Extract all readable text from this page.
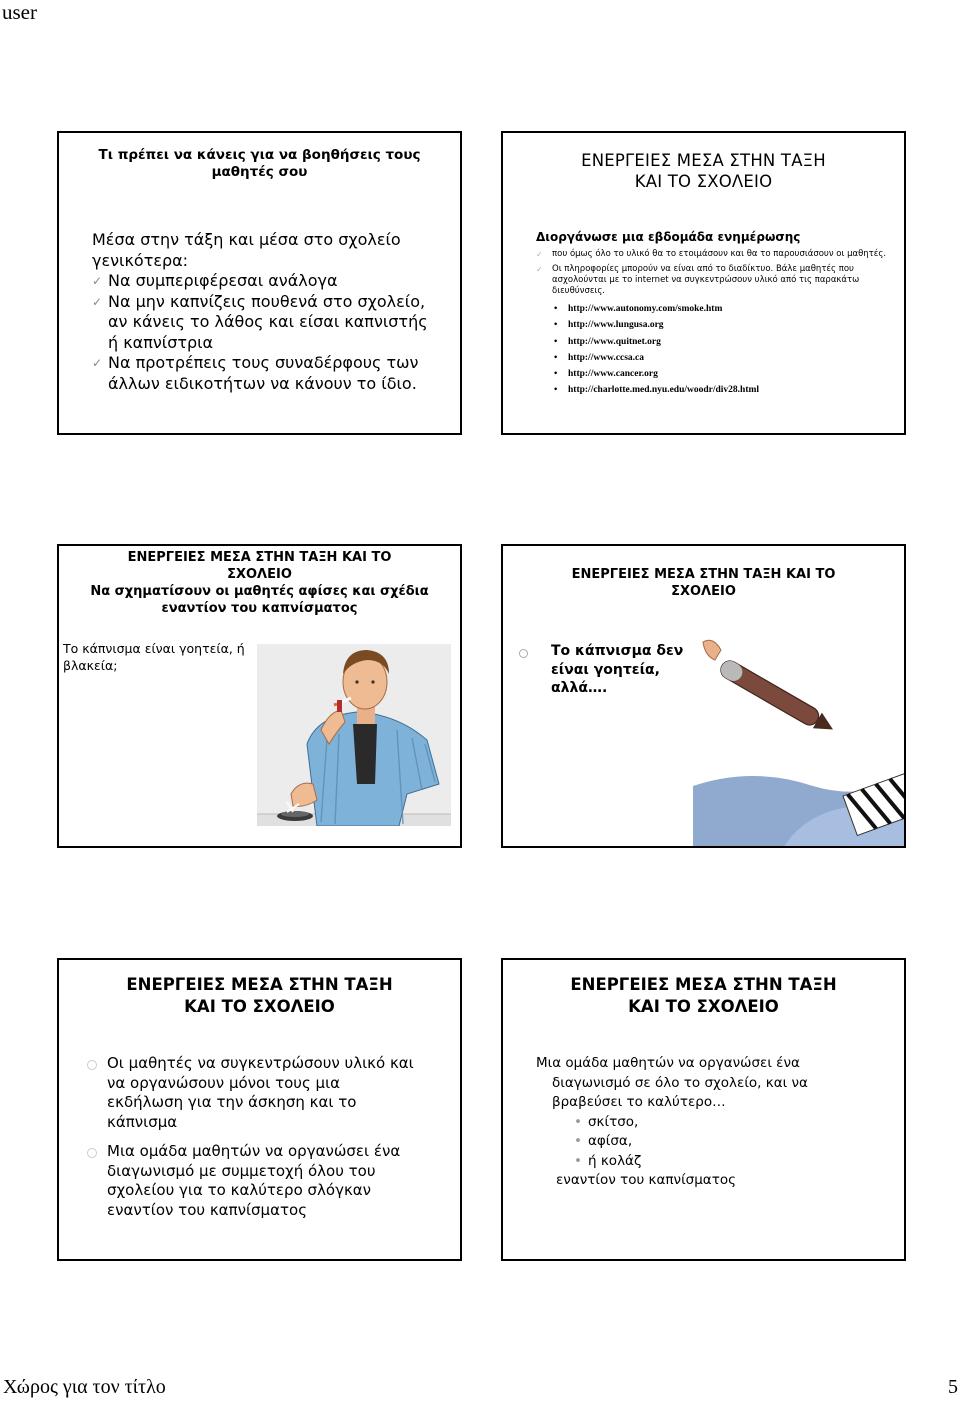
user
Τι πρέπει να κάνεις για να βοηθήσεις τους
μαθητές σου
Μέσα στην τάξη και μέσα στο σχολείο
γενικότερα:
✓ Να συμπεριφέρεσαι ανάλογα
✓ Να μην καπνίζεις πουθενά στο σχολείο,
αν κάνεις το λάθος και είσαι καπνιστής
ή καπνίστρια
✓ Να προτρέπεις τους συναδέρφους των
άλλων ειδικοτήτων να κάνουν το ίδιο.
ΕΝΕΡΓΕΙΕΣ ΜΕΣΑ ΣΤΗΝ ΤΑΞΗ
ΚΑΙ ΤΟ ΣΧΟΛΕΙΟ
Διοργάνωσε μια εβδομάδα ενημέρωσης
✓ που όμως όλο το υλικό θα το ετοιμάσουν και θα το παρουσιάσουν οι μαθητές.
✓ Οι πληροφορίες μπορούν να είναι από το διαδίκτυο. Βάλε μαθητές που ασχολούνται με το internet να συγκεντρώσουν υλικό από τις παρακάτω διευθύνσεις.
• http://www.autonomy.com/smoke.htm
• http://www.lungusa.org
• http://www.quitnet.org
• http://www.ccsa.ca
• http://www.cancer.org
• http://charlotte.med.nyu.edu/woodr/div28.html
ΕΝΕΡΓΕΙΕΣ ΜΕΣΑ ΣΤΗΝ ΤΑΞΗ ΚΑΙ ΤΟ
ΣΧΟΛΕΙΟ
Να σχηματίσουν οι μαθητές αφίσες και σχέδια
εναντίον του καπνίσματος
Το κάπνισμα είναι γοητεία, ή
βλακεία;
ΕΝΕΡΓΕΙΕΣ ΜΕΣΑ ΣΤΗΝ ΤΑΞΗ ΚΑΙ ΤΟ
ΣΧΟΛΕΙΟ
Το κάπνισμα δεν
είναι γοητεία,
αλλά….
ΕΝΕΡΓΕΙΕΣ ΜΕΣΑ ΣΤΗΝ ΤΑΞΗ
ΚΑΙ ΤΟ ΣΧΟΛΕΙΟ
Οι μαθητές να συγκεντρώσουν υλικό και
να οργανώσουν μόνοι τους μια
εκδήλωση για την άσκηση και το
κάπνισμα
Μια ομάδα μαθητών να οργανώσει ένα
διαγωνισμό με συμμετοχή όλου του
σχολείου για το καλύτερο σλόγκαν
εναντίον του καπνίσματος
ΕΝΕΡΓΕΙΕΣ ΜΕΣΑ ΣΤΗΝ ΤΑΞΗ
ΚΑΙ ΤΟ ΣΧΟΛΕΙΟ
Μια ομάδα μαθητών να οργανώσει ένα
διαγωνισμό σε όλο το σχολείο, και να
βραβεύσει το καλύτερο…
• σκίτσο,
• αφίσα,
• ή κολάζ
εναντίον του καπνίσματος
Χώρος για τον τίτλο	5
